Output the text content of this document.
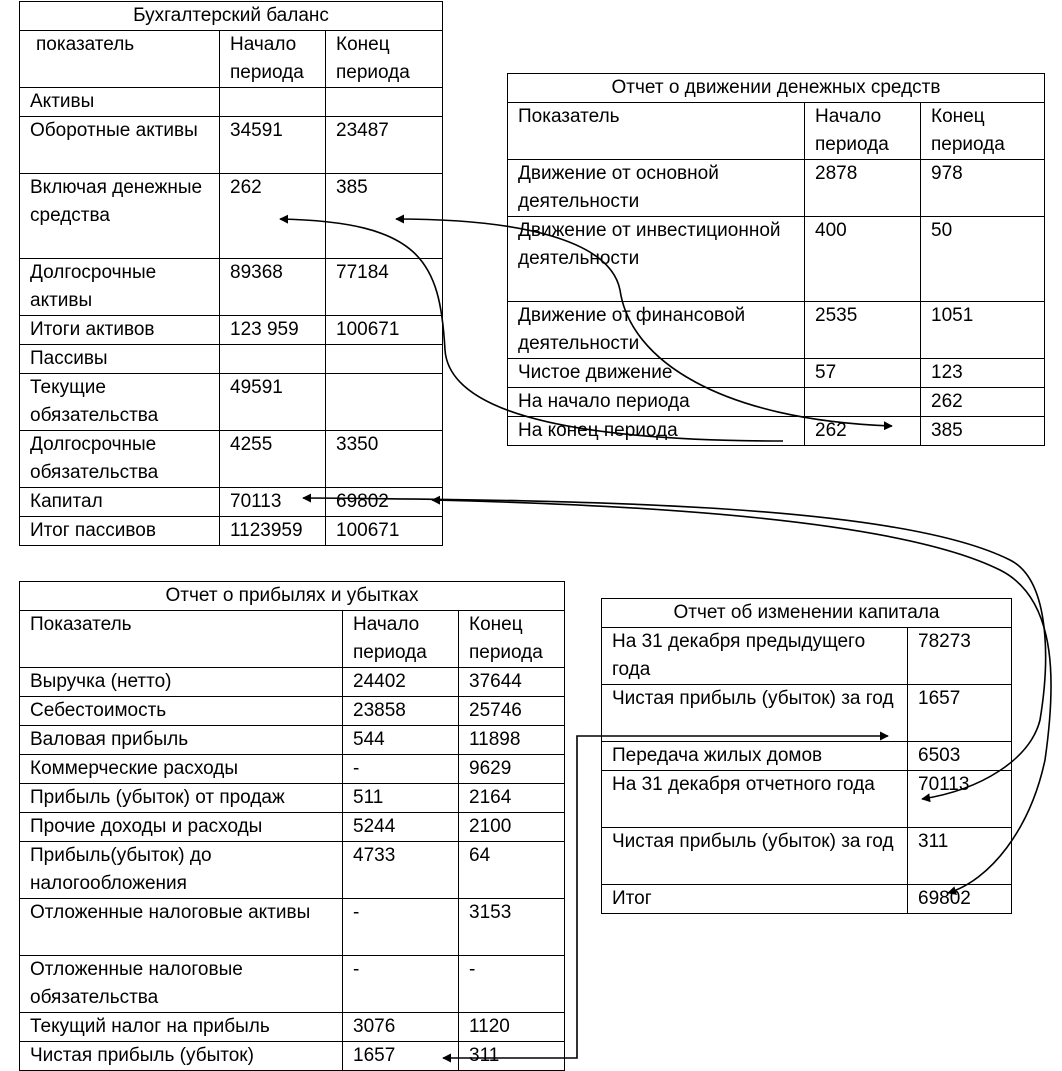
Бухгалтерский баланс		
показатель	Начало периода	Конец периода
Активы		
Оборотные активы	34591	23487
Включая денежные средства	262	385
Долгосрочные активы	89368	77184
Итоги активов	123 959	100671
Пассивы		
Текущие обязательства	49591	
Долгосрочные обязательства	4255	3350
Капитал	70113	69802
Итог пассивов	1123959	100671
Отчет о движении денежных средств		
Показатель	Начало периода	Конец периода
Движение от основной деятельности	2878	978
Движение от инвестиционной деятельности	400	50
Движение от финансовой деятельности	2535	1051
Чистое движение	57	123
На начало периода		262
На конец периода	262	385
Отчет о прибылях и убытках		
Показатель	Начало периода	Конец периода
Выручка (нетто)	24402	37644
Себестоимость	23858	25746
Валовая прибыль	544	11898
Коммерческие расходы	-	9629
Прибыль (убыток) от продаж	511	2164
Прочие доходы и расходы	5244	2100
Прибыль(убыток) до налогообложения	4733	64
Отложенные налоговые активы	-	3153
Отложенные налоговые обязательства	-	-
Текущий налог на прибыль	3076	1120
Чистая прибыль (убыток)	1657	311
Отчет об изменении капитала	
На 31 декабря предыдущего года	78273
Чистая прибыль (убыток) за год	1657
Передача жилых домов	6503
На 31 декабря отчетного года	70113
Чистая прибыль (убыток) за год	311
Итог	69802
